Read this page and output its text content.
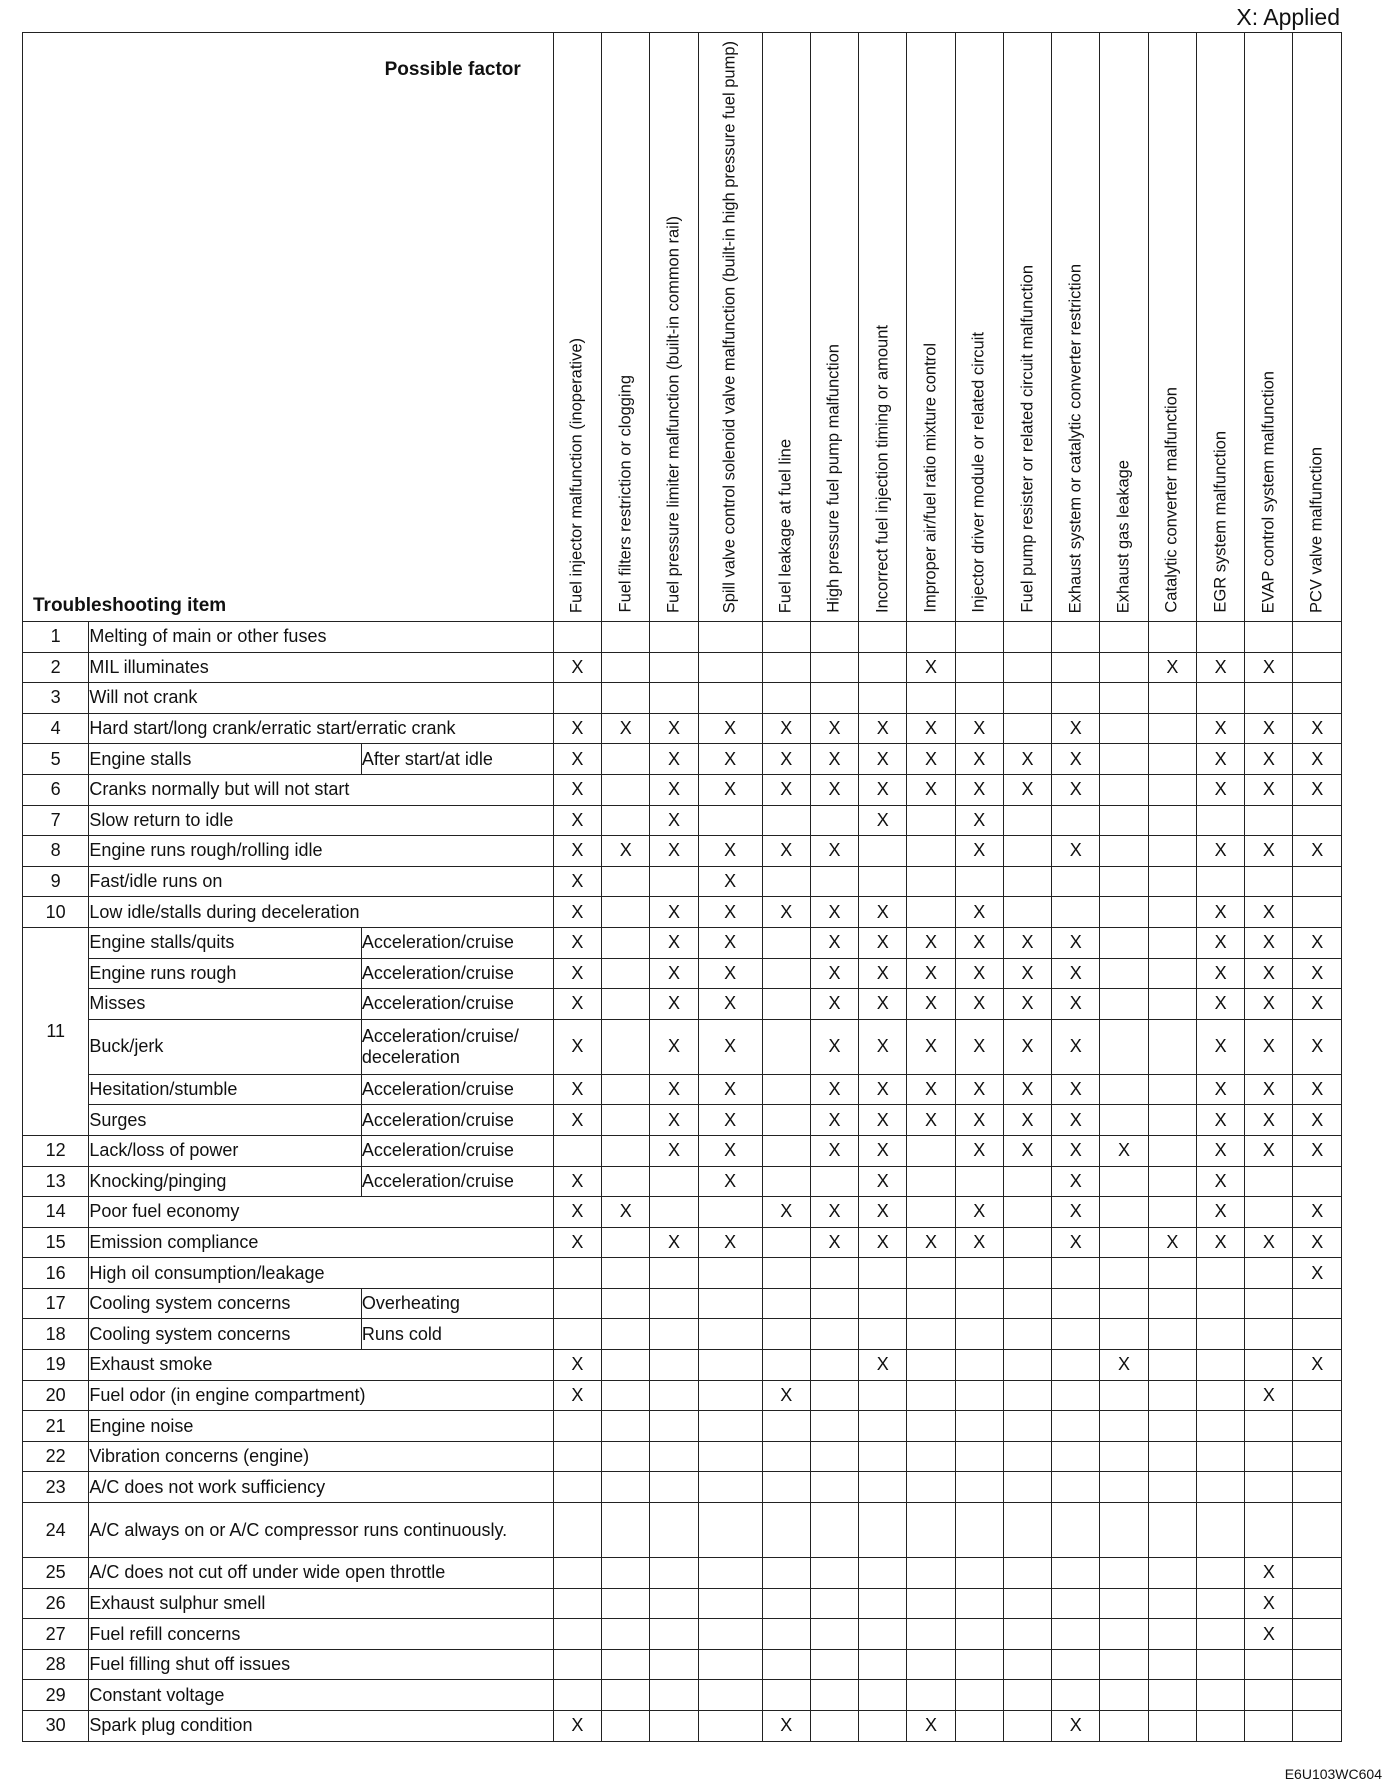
X: Applied
Possible factor
Troubleshooting item			Fuel injector malfunction (inoperative)	Fuel filters restriction or clogging	Fuel pressure limiter malfunction (built-in common rail)	Spill valve control solenoid valve malfunction (built-in high pressure fuel pump)	Fuel leakage at fuel line	High pressure fuel pump malfunction	Incorrect fuel injection timing or amount	Improper air/fuel ratio mixture control	Injector driver module or related circuit	Fuel pump resister or related circuit malfunction	Exhaust system or catalytic converter restriction	Exhaust gas leakage	Catalytic converter malfunction	EGR system malfunction	EVAP control system malfunction	PCV valve malfunction

1	Melting of main or other fuses																	
2	MIL illuminates		X							X					X	X	X	
3	Will not crank																	
4	Hard start/long crank/erratic start/erratic crank		X	X	X	X	X	X	X	X	X		X			X	X	X
5	Engine stalls	After start/at idle	X		X	X	X	X	X	X	X	X	X			X	X	X
6	Cranks normally but will not start		X		X	X	X	X	X	X	X	X	X			X	X	X
7	Slow return to idle		X		X				X		X							
8	Engine runs rough/rolling idle		X	X	X	X	X	X			X		X			X	X	X
9	Fast/idle runs on		X			X												
10	Low idle/stalls during deceleration		X		X	X	X	X	X		X					X	X	
11	Engine stalls/quits	Acceleration/cruise	X		X	X		X	X	X	X	X	X			X	X	X
	Engine runs rough	Acceleration/cruise	X		X	X		X	X	X	X	X	X			X	X	X
	Misses	Acceleration/cruise	X		X	X		X	X	X	X	X	X			X	X	X
	Buck/jerk	Acceleration/cruise/ deceleration	X		X	X		X	X	X	X	X	X			X	X	X
	Hesitation/stumble	Acceleration/cruise	X		X	X		X	X	X	X	X	X			X	X	X
	Surges	Acceleration/cruise	X		X	X		X	X	X	X	X	X			X	X	X
12	Lack/loss of power	Acceleration/cruise			X	X		X	X		X	X	X	X		X	X	X
13	Knocking/pinging	Acceleration/cruise	X			X			X				X			X		
14	Poor fuel economy		X	X			X	X	X		X		X			X		X
15	Emission compliance		X		X	X		X	X	X	X		X		X	X	X	X
16	High oil consumption/leakage																	X
17	Cooling system concerns	Overheating																
18	Cooling system concerns	Runs cold																
19	Exhaust smoke		X						X					X				X
20	Fuel odor (in engine compartment)		X				X										X	
21	Engine noise																	
22	Vibration concerns (engine)																	
23	A/C does not work sufficiency																	
24	A/C always on or A/C compressor runs continuously.																	
25	A/C does not cut off under wide open throttle																X	
26	Exhaust sulphur smell																X	
27	Fuel refill concerns																X	
28	Fuel filling shut off issues																	
29	Constant voltage																	
30	Spark plug condition		X				X			X			X					
E6U103WC604
